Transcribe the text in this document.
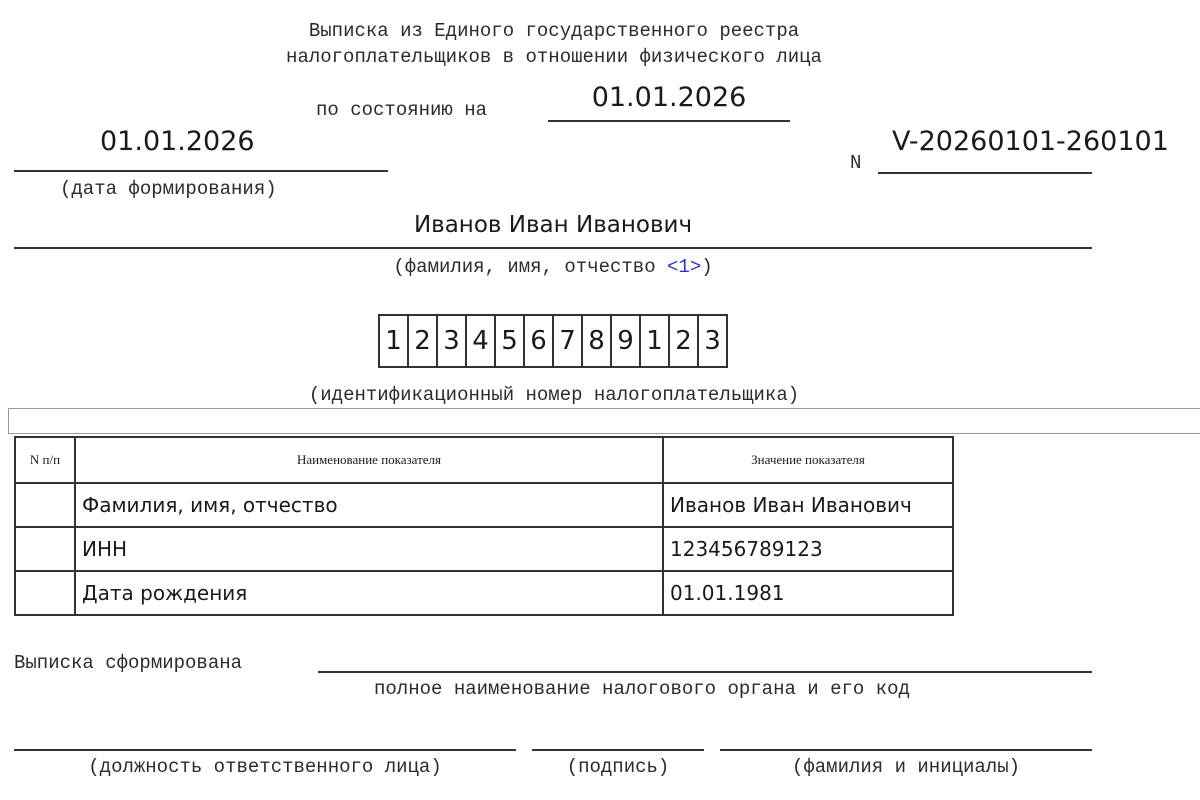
Выписка из Единого государственного реестра
налогоплательщиков в отношении физического лица
по состоянию на	01.01.2026
01.01.2026
(дата формирования)
N
V-20260101-260101
Иванов Иван Иванович
(фамилия, имя, отчество <1>)
1 2 3 4 5 6 7 8 9 1 2 3
(идентификационный номер налогоплательщика)
N п/п	Наименование показателя	Значение показателя
	Фамилия, имя, отчество	Иванов Иван Иванович
	ИНН	123456789123
	Дата рождения	01.01.1981
Выписка сформирована
полное наименование налогового органа и его код
(должность ответственного лица)	(подпись)	(фамилия и инициалы)
